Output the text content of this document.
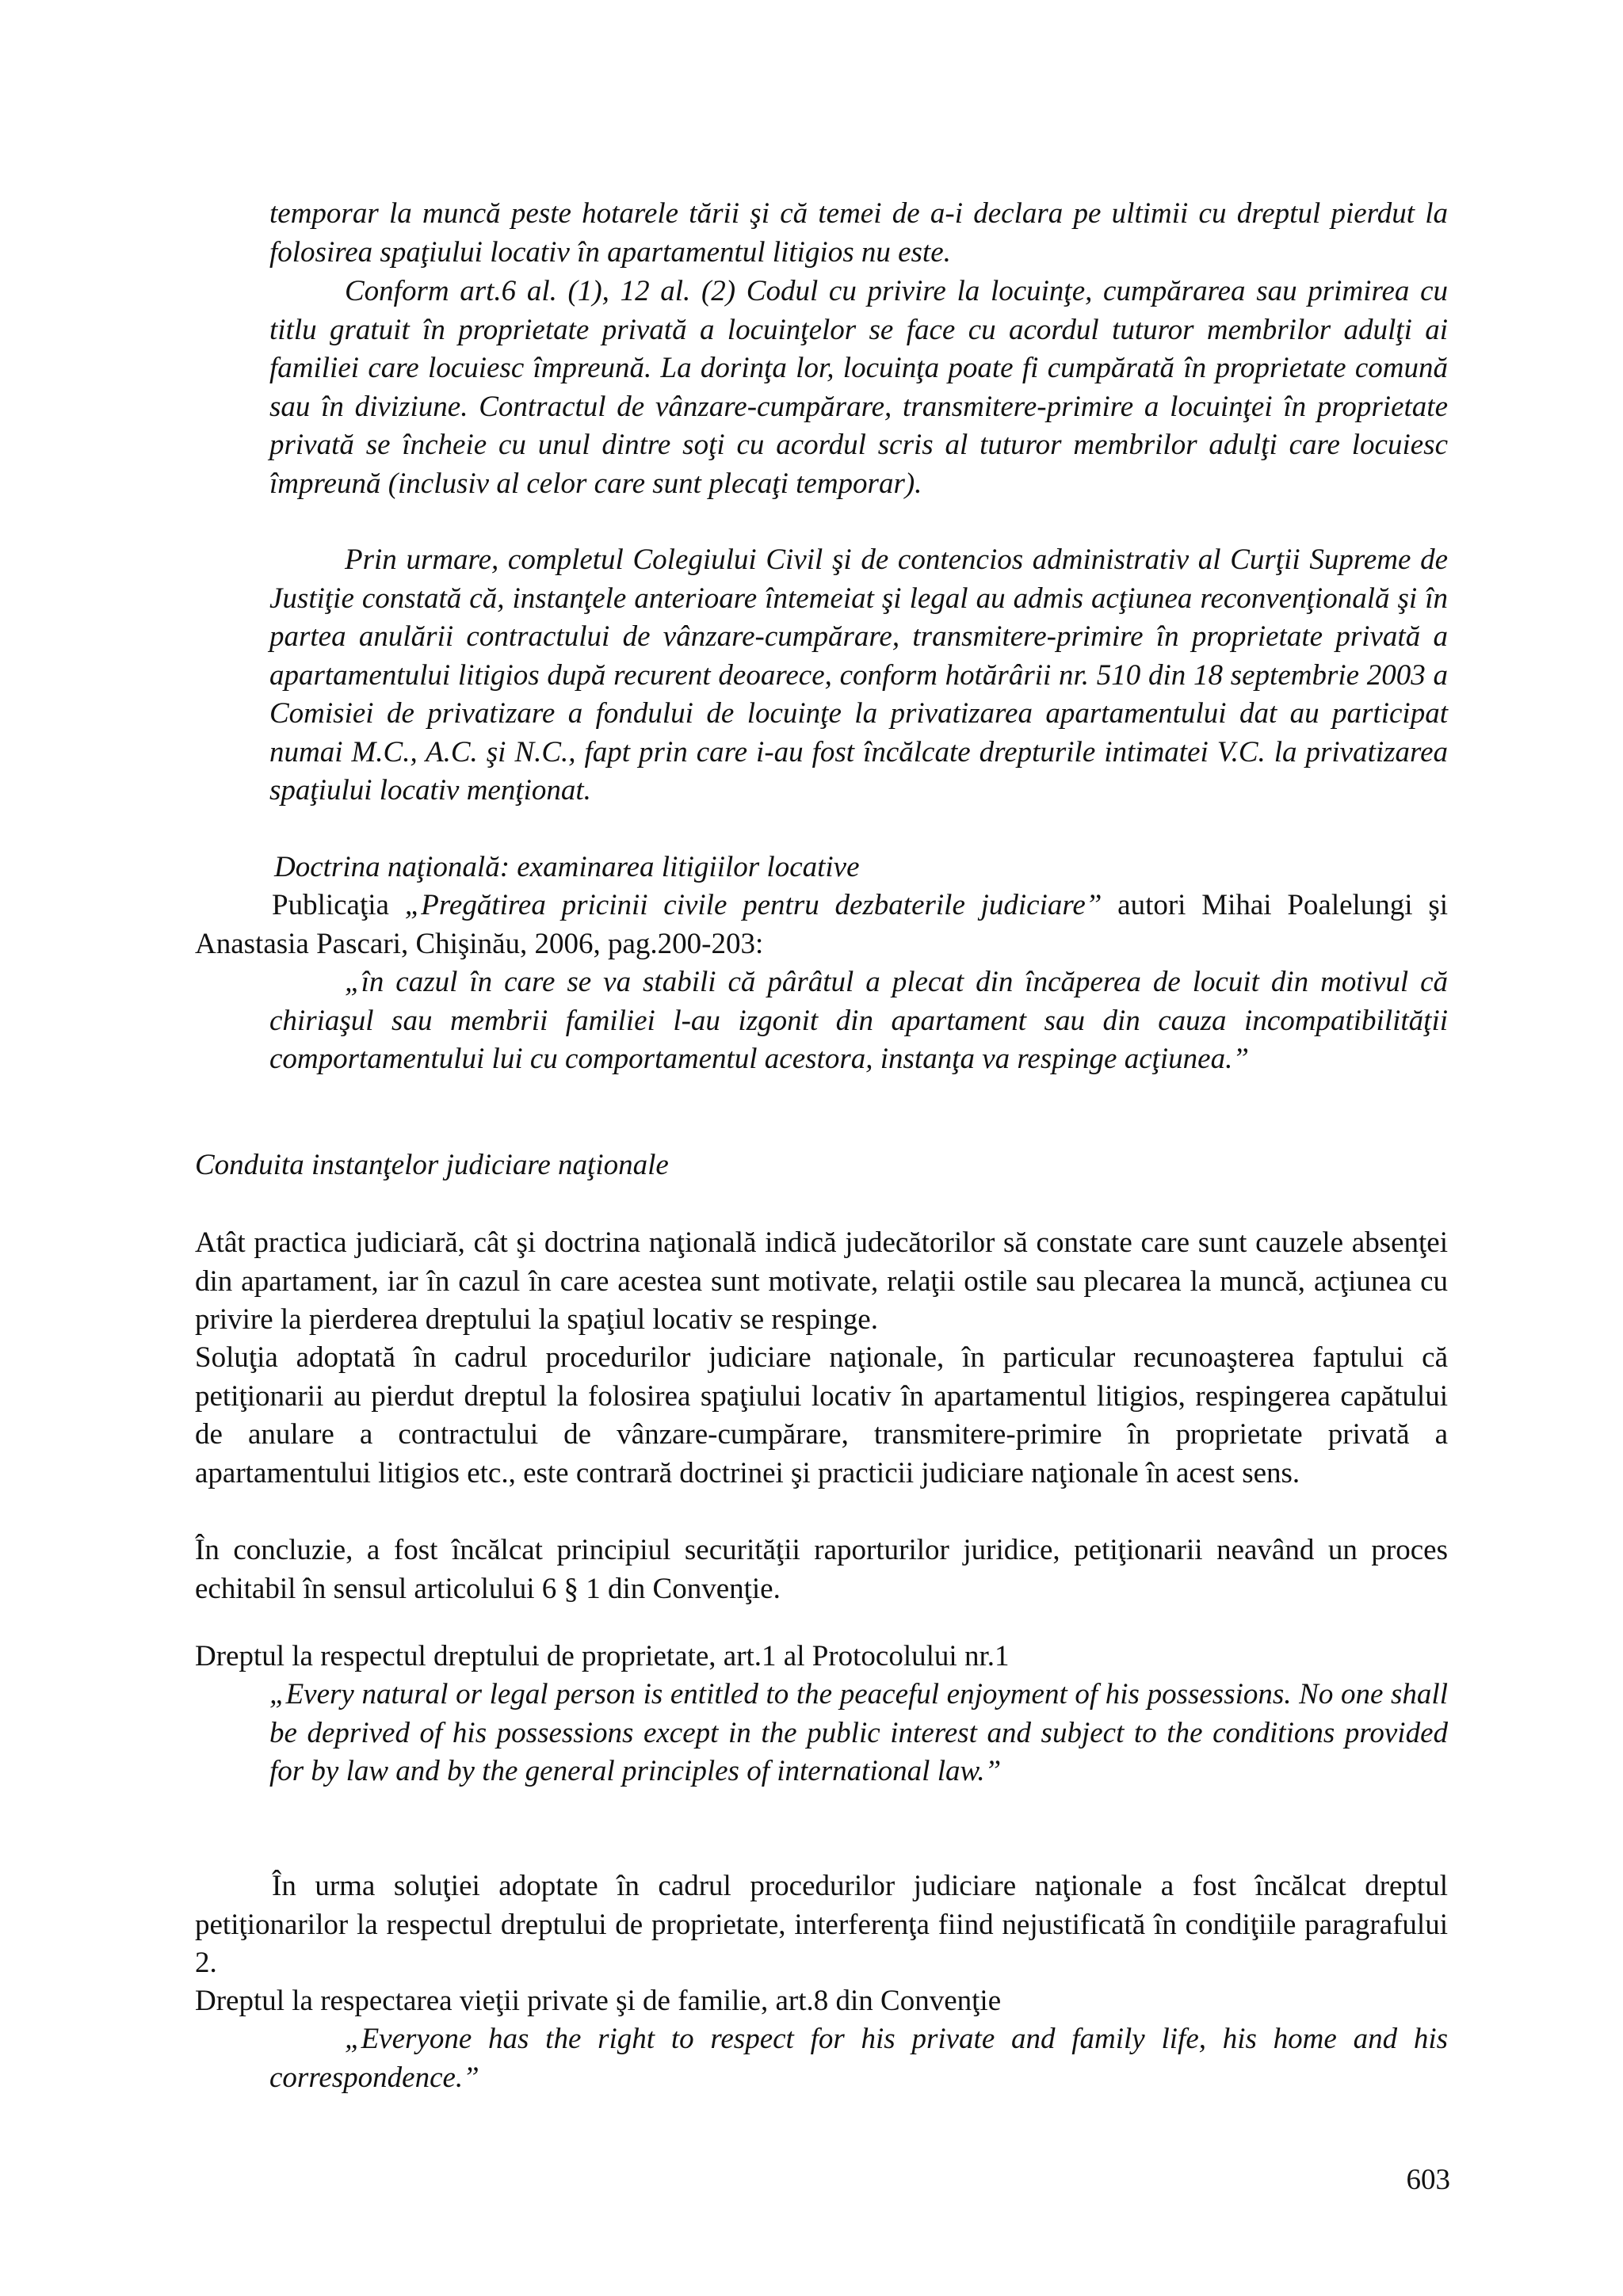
temporar la muncă peste hotarele tării şi că temei de a-i declara pe ultimii cu dreptul pierdut la folosirea spaţiului locativ în apartamentul litigios nu este.

Conform art.6 al. (1), 12 al. (2) Codul cu privire la locuinţe, cumpărarea sau primirea cu titlu gratuit în proprietate privată a locuinţelor se face cu acordul tuturor membrilor adulţi ai familiei care locuiesc împreună. La dorinţa lor, locuinţa poate fi cumpărată în proprietate comună sau în diviziune. Contractul de vânzare-cumpărare, transmitere-primire a locuinţei în proprietate privată se încheie cu unul dintre soţi cu acordul scris al tuturor membrilor adulţi care locuiesc împreună (inclusiv al celor care sunt plecaţi temporar).

Prin urmare, completul Colegiului Civil şi de contencios administrativ al Curţii Supreme de Justiţie constată că, instanţele anterioare întemeiat şi legal au admis acţiunea reconvenţională şi în partea anulării contractului de vânzare-cumpărare, transmitere-primire în proprietate privată a apartamentului litigios după recurent deoarece, conform hotărârii nr. 510 din 18 septembrie 2003 a Comisiei de privatizare a fondului de locuinţe la privatizarea apartamentului dat au participat numai M.C., A.C. şi N.C., fapt prin care i-au fost încălcate drepturile intimatei V.C. la privatizarea spaţiului locativ menţionat.

Doctrina naţională: examinarea litigiilor locative

Publicaţia „Pregătirea pricinii civile pentru dezbaterile judiciare” autori Mihai Poalelungi şi Anastasia Pascari, Chişinău, 2006, pag.200-203:

„în cazul în care se va stabili că pârâtul a plecat din încăperea de locuit din motivul că chiriaşul sau membrii familiei l-au izgonit din apartament sau din cauza incompatibilităţii comportamentului lui cu comportamentul acestora, instanţa va respinge acţiunea.”

Conduita instanţelor judiciare naţionale

Atât practica judiciară, cât şi doctrina naţională indică judecătorilor să constate care sunt cauzele absenţei din apartament, iar în cazul în care acestea sunt motivate, relaţii ostile sau plecarea la muncă, acţiunea cu privire la pierderea dreptului la spaţiul locativ se respinge.

Soluţia adoptată în cadrul procedurilor judiciare naţionale, în particular recunoaşterea faptului că petiţionarii au pierdut dreptul la folosirea spaţiului locativ în apartamentul litigios, respingerea capătului de anulare a contractului de vânzare-cumpărare, transmitere-primire în proprietate privată a apartamentului litigios etc., este contrară doctrinei şi practicii judiciare naţionale în acest sens.

În concluzie, a fost încălcat principiul securităţii raporturilor juridice, petiţionarii neavând un proces echitabil în sensul articolului 6 § 1 din Convenţie.

Dreptul la respectul dreptului de proprietate, art.1 al Protocolului nr.1

„Every natural or legal person is entitled to the peaceful enjoyment of his possessions. No one shall be deprived of his possessions except in the public interest and subject to the conditions provided for by law and by the general principles of international law.”

În urma soluţiei adoptate în cadrul procedurilor judiciare naţionale a fost încălcat dreptul petiţionarilor la respectul dreptului de proprietate, interferenţa fiind nejustificată în condiţiile paragrafului 2.

Dreptul la respectarea vieţii private şi de familie, art.8 din Convenţie

„Everyone has the right to respect for his private and family life, his home and his correspondence.”

603
